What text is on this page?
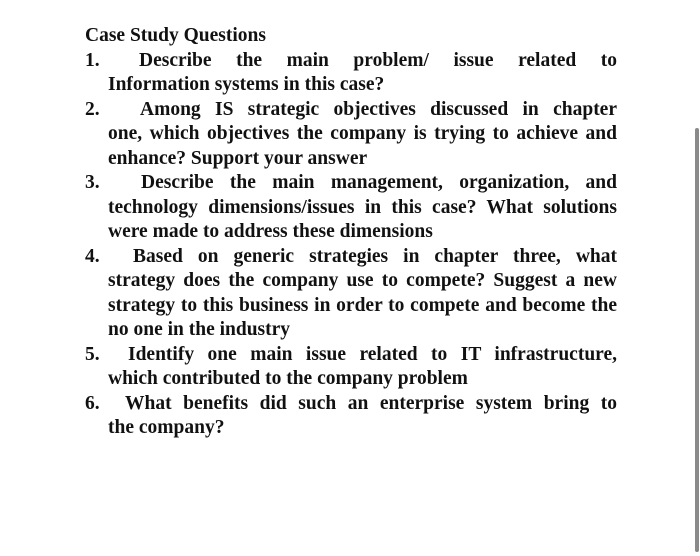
Case Study Questions
1.	Describe the main problem/ issue related to
Information systems in this case?
2.	Among IS strategic objectives discussed in chapter
one, which objectives the company is trying to achieve and enhance? Support your answer
3.	Describe the main management, organization, and
technology dimensions/issues in this case? What solutions were made to address these dimensions
4.	Based on generic strategies in chapter three, what
strategy does the company use to compete? Suggest a new strategy to this business in order to compete and become the no one in the industry
5.	Identify one main issue related to IT infrastructure,
which contributed to the company problem
6.	What benefits did such an enterprise system bring to
the company?
